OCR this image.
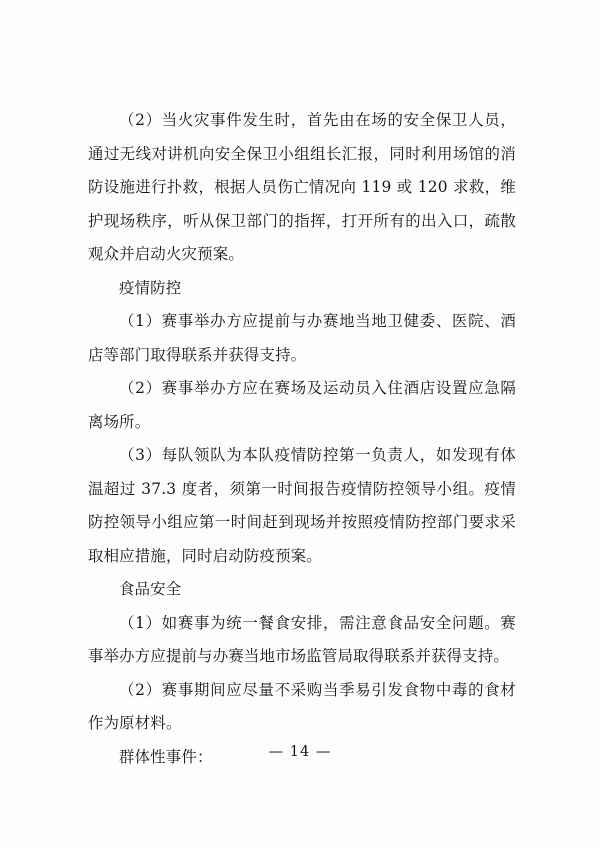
（2）当火灾事件发生时，首先由在场的安全保卫人员，通过无线对讲机向安全保卫小组组长汇报，同时利用场馆的消防设施进行扑救，根据人员伤亡情况向 119 或 120 求救，维护现场秩序，听从保卫部门的指挥，打开所有的出入口，疏散观众并启动火灾预案。

疫情防控

（1）赛事举办方应提前与办赛地当地卫健委、医院、酒店等部门取得联系并获得支持。

（2）赛事举办方应在赛场及运动员入住酒店设置应急隔离场所。

（3）每队领队为本队疫情防控第一负责人，如发现有体温超过 37.3 度者，须第一时间报告疫情防控领导小组。疫情防控领导小组应第一时间赶到现场并按照疫情防控部门要求采取相应措施，同时启动防疫预案。

食品安全

（1）如赛事为统一餐食安排，需注意食品安全问题。赛事举办方应提前与办赛当地市场监管局取得联系并获得支持。

（2）赛事期间应尽量不采购当季易引发食物中毒的食材作为原材料。

群体性事件：	— 14 —
